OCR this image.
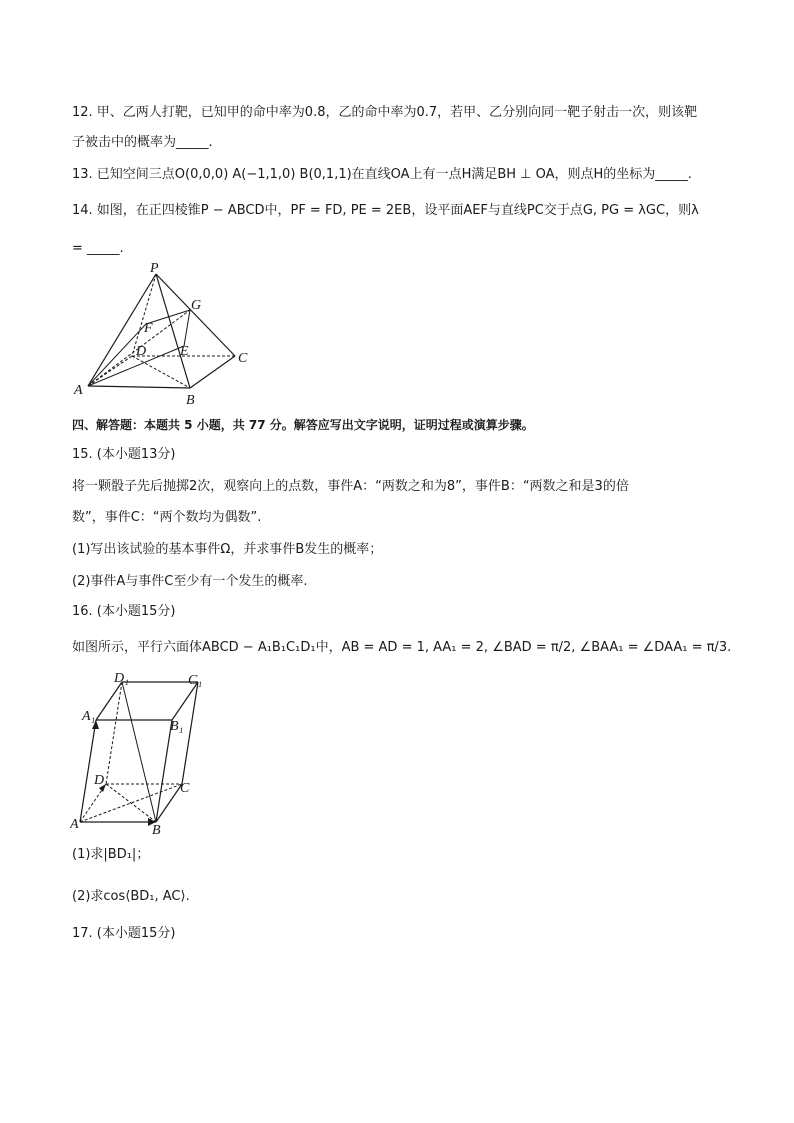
12. 甲、乙两人打靶，已知甲的命中率为0.8，乙的命中率为0.7，若甲、乙分别向同一靶子射击一次，则该靶
子被击中的概率为_____.
13. 已知空间三点O(0,0,0) A(−1,1,0) B(0,1,1)在直线OA上有一点H满足BH ⊥ OA，则点H的坐标为_____.
14. 如图，在正四棱锥P − ABCD中，PF = FD, PE = 2EB，设平面AEF与直线PC交于点G, PG = λGC，则λ
= _____.
P
G
F
D E	C
A
B
四、解答题：本题共 5 小题，共 77 分。解答应写出文字说明，证明过程或演算步骤。
15. (本小题13分)
将一颗骰子先后抛掷2次，观察向上的点数，事件A：“两数之和为8”，事件B：“两数之和是3的倍
数”，事件C：“两个数均为偶数”.
(1)写出该试验的基本事件Ω，并求事件B发生的概率；
(2)事件A与事件C至少有一个发生的概率.
16. (本小题15分)
如图所示，平行六面体ABCD − A₁B₁C₁D₁中，AB = AD = 1, AA₁ = 2, ∠BAD = π/2, ∠BAA₁ = ∠DAA₁ = π/3.
D₁	C₁
A₁
B₁
D
C
A	B
(1)求|BD₁|；
(2)求cos⟨BD₁, AC⟩.
17. (本小题15分)
